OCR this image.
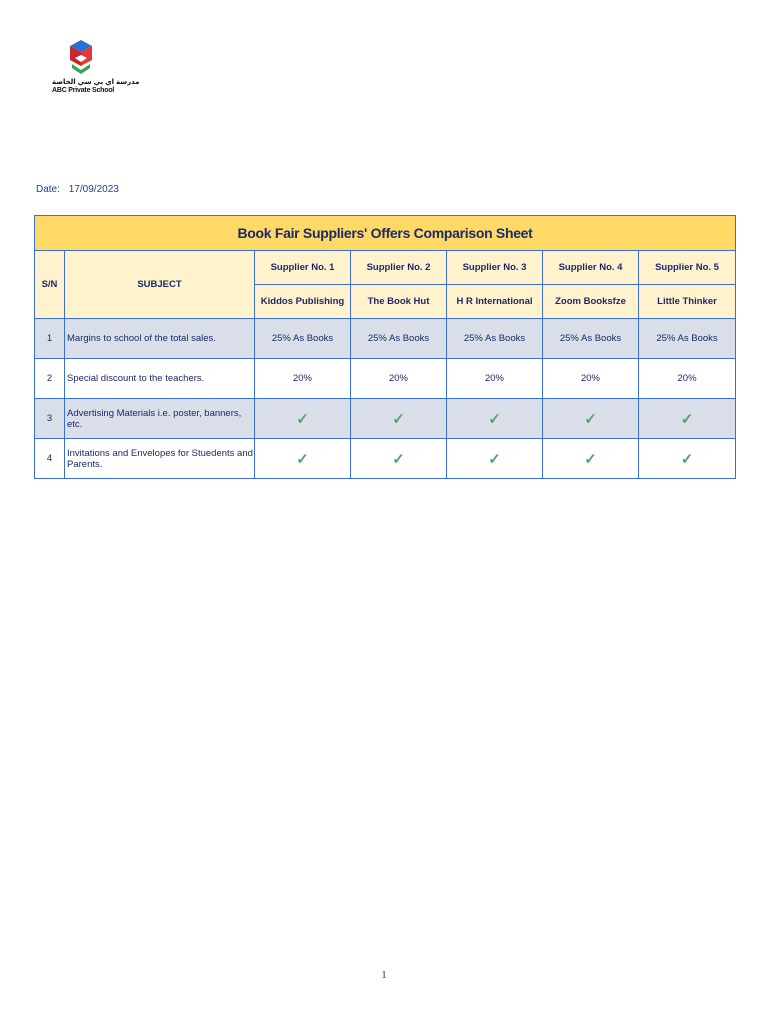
مدرسة اي بي سي الخاصة
ABC Private School
Date: 17/09/2023
Book Fair Suppliers' Offers Comparison Sheet						
S/N	SUBJECT	Supplier No. 1	Supplier No. 2	Supplier No. 3	Supplier No. 4	Supplier No. 5
		Kiddos Publishing	The Book Hut	H R International	Zoom Booksfze	Little Thinker
1	Margins to school of the total sales.	25% As Books	25% As Books	25% As Books	25% As Books	25% As Books
2	Special discount to the teachers.	20%	20%	20%	20%	20%
3	Advertising Materials i.e. poster, banners, etc.	✓	✓	✓	✓	✓
4	Invitations and Envelopes for Stuedents and Parents.	✓	✓	✓	✓	✓
1
